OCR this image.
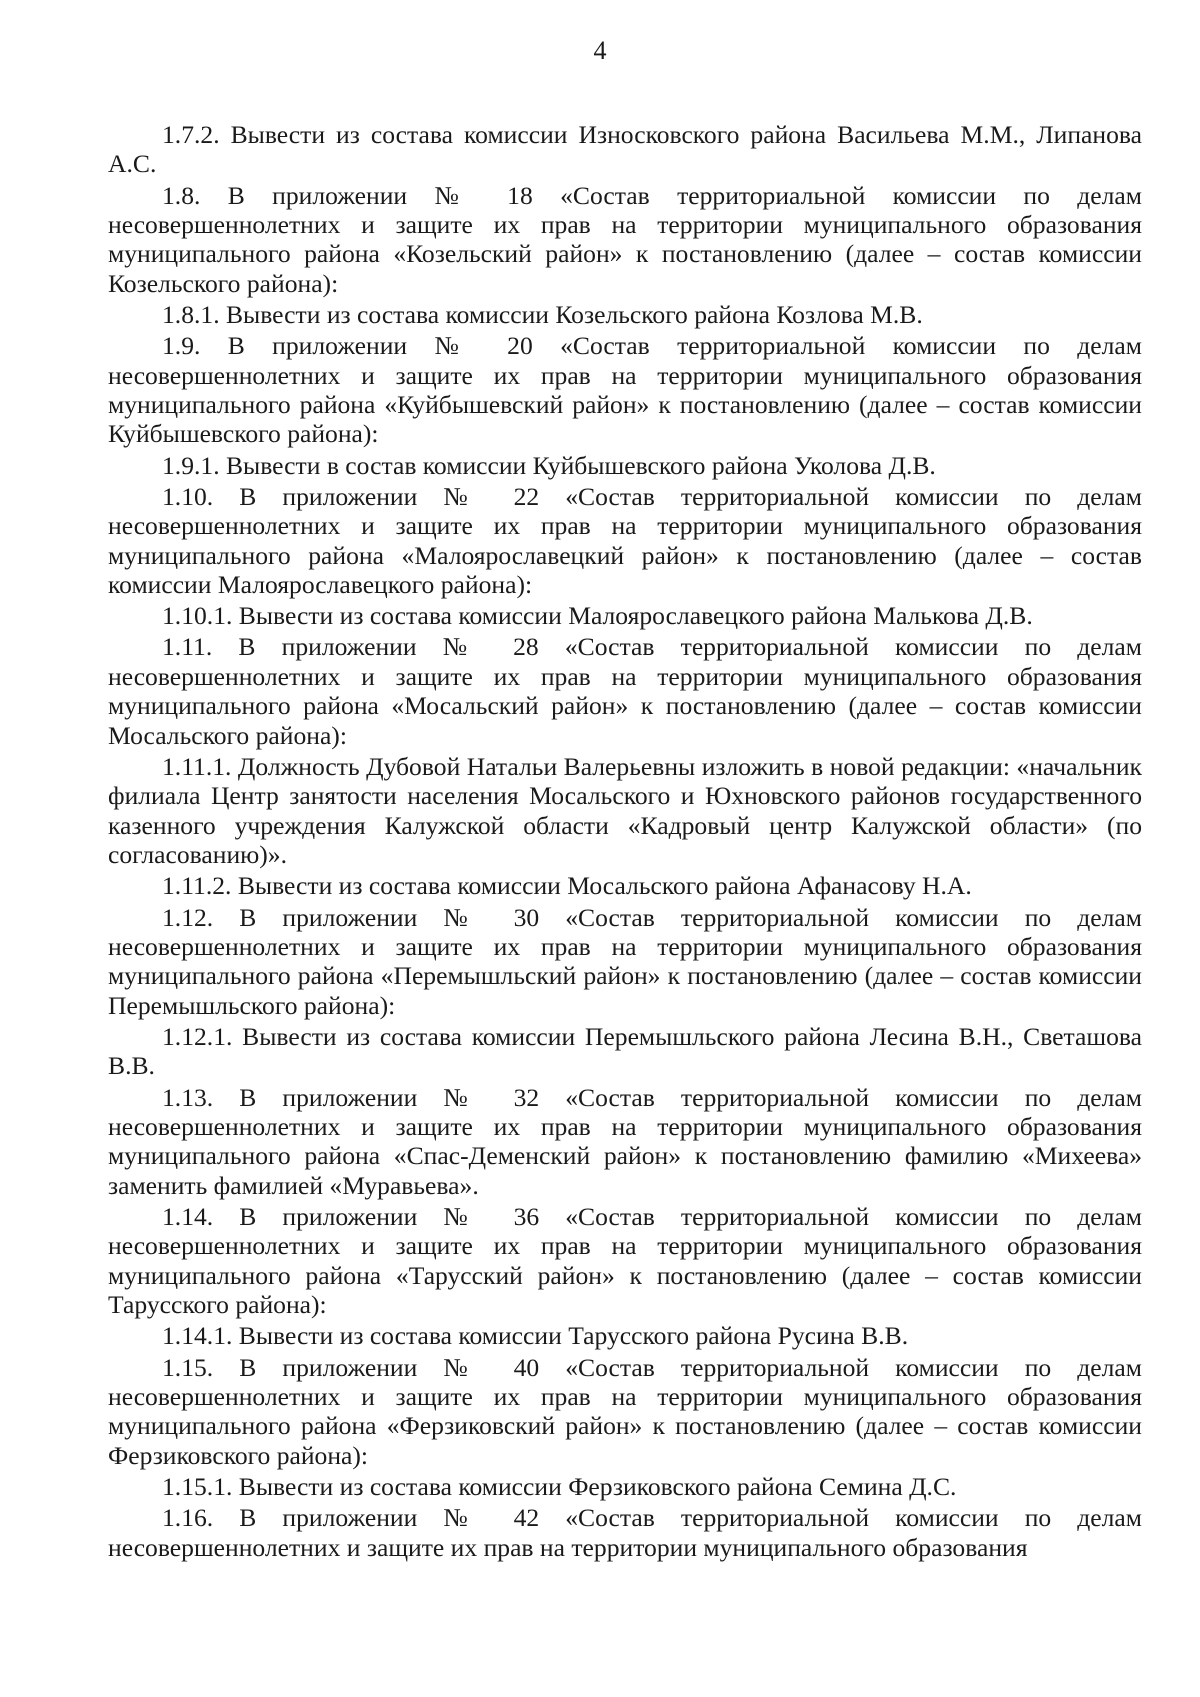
4

1.7.2. Вывести из состава комиссии Износковского района Васильева М.М., Липанова А.С.

1.8. В приложении № 18 «Состав территориальной комиссии по делам несовершеннолетних и защите их прав на территории муниципального образования муниципального района «Козельский район» к постановлению (далее – состав комиссии Козельского района):

1.8.1. Вывести из состава комиссии Козельского района Козлова М.В.

1.9. В приложении № 20 «Состав территориальной комиссии по делам несовершеннолетних и защите их прав на территории муниципального образования муниципального района «Куйбышевский район» к постановлению (далее – состав комиссии Куйбышевского района):

1.9.1. Вывести в состав комиссии Куйбышевского района Уколова Д.В.

1.10. В приложении № 22 «Состав территориальной комиссии по делам несовершеннолетних и защите их прав на территории муниципального образования муниципального района «Малоярославецкий район» к постановлению (далее – состав комиссии Малоярославецкого района):

1.10.1. Вывести из состава комиссии Малоярославецкого района Малькова Д.В.

1.11. В приложении № 28 «Состав территориальной комиссии по делам несовершеннолетних и защите их прав на территории муниципального образования муниципального района «Мосальский район» к постановлению (далее – состав комиссии Мосальского района):

1.11.1. Должность Дубовой Натальи Валерьевны изложить в новой редакции: «начальник филиала Центр занятости населения Мосальского и Юхновского районов государственного казенного учреждения Калужской области «Кадровый центр Калужской области» (по согласованию)».

1.11.2. Вывести из состава комиссии Мосальского района Афанасову Н.А.

1.12. В приложении № 30 «Состав территориальной комиссии по делам несовершеннолетних и защите их прав на территории муниципального образования муниципального района «Перемышльский район» к постановлению (далее – состав комиссии Перемышльского района):

1.12.1. Вывести из состава комиссии Перемышльского района Лесина В.Н., Светашова В.В.

1.13. В приложении № 32 «Состав территориальной комиссии по делам несовершеннолетних и защите их прав на территории муниципального образования муниципального района «Спас-Деменский район» к постановлению фамилию «Михеева» заменить фамилией «Муравьева».

1.14. В приложении № 36 «Состав территориальной комиссии по делам несовершеннолетних и защите их прав на территории муниципального образования муниципального района «Тарусский район» к постановлению (далее – состав комиссии Тарусского района):

1.14.1. Вывести из состава комиссии Тарусского района Русина В.В.

1.15. В приложении № 40 «Состав территориальной комиссии по делам несовершеннолетних и защите их прав на территории муниципального образования муниципального района «Ферзиковский район» к постановлению (далее – состав комиссии Ферзиковского района):

1.15.1. Вывести из состава комиссии Ферзиковского района Семина Д.С.

1.16. В приложении № 42 «Состав территориальной комиссии по делам несовершеннолетних и защите их прав на территории муниципального образования
